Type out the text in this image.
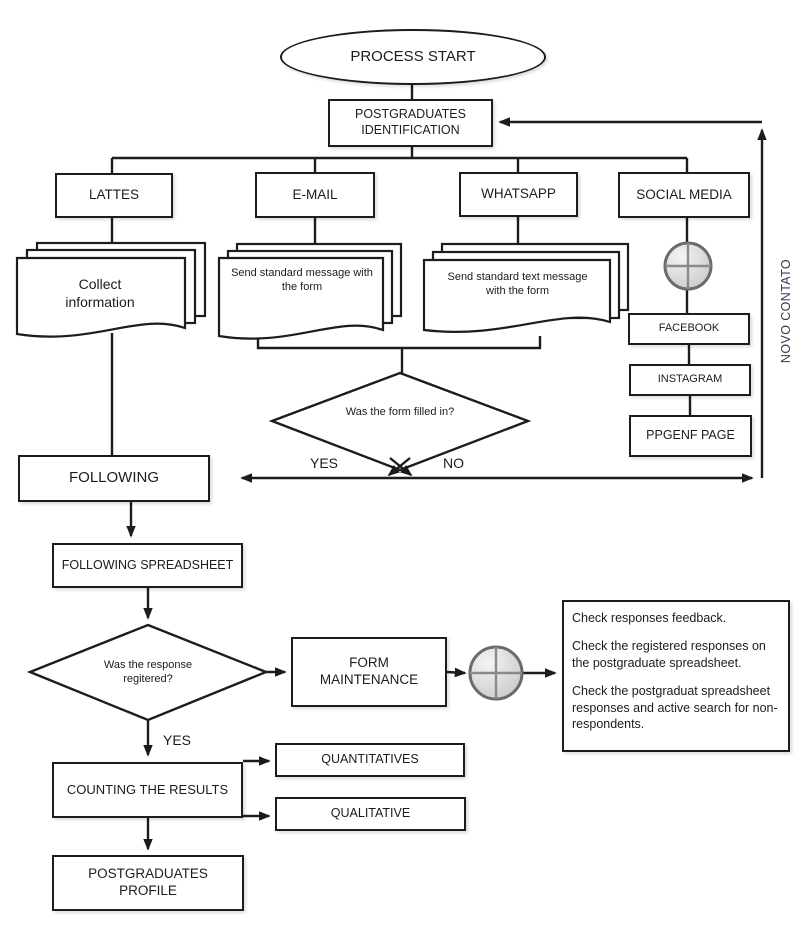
PROCESS START
POSTGRADUATES IDENTIFICATION
LATTES	E-MAIL	WHATSAPP	SOCIAL MEDIA
Collect information
Send standard message with the form
Send standard text message with the form
FACEBOOK
INSTAGRAM
PPGENF PAGE
NOVO CONTATO
Was the form filled in?
YES	NO
FOLLOWING
FOLLOWING SPREADSHEET
Was the response regitered?
YES
FORM MAINTENANCE

Check responses feedback.

Check the registered responses on the postgraduate spreadsheet.

Check the postgraduat spreadsheet responses and active search for non-respondents.

COUNTING THE RESULTS
QUANTITATIVES
QUALITATIVE
POSTGRADUATES PROFILE
